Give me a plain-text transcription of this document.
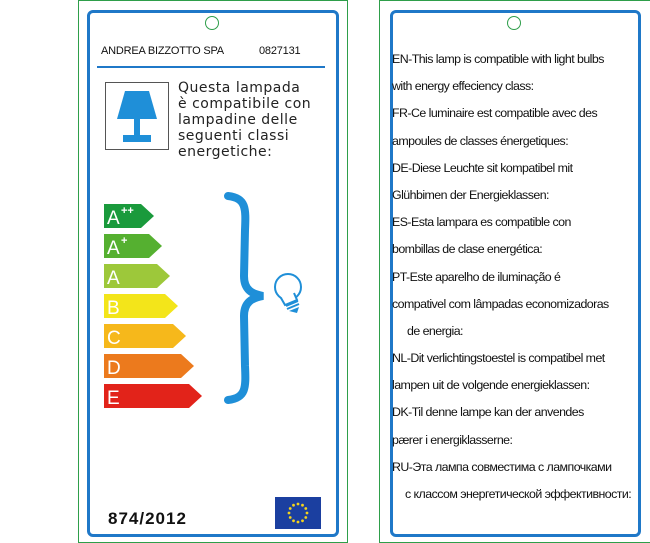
ANDREA BIZZOTTO SPA	0827131
Questa lampada
è compatibile con
lampadine delle
seguenti classi
energetiche:
A ++
A +
A
B
C
D
E
874/2012
EN-This lamp is compatible with light bulbs
with energy effeciency class:
FR-Ce luminaire est compatible avec des
ampoules de classes énergetiques:
DE-Diese Leuchte sit kompatibel mit
Glühbimen der Energieklassen:
ES-Esta lampara es compatible con
bombillas de clase energética:
PT-Este aparelho de iluminação é
compativel com lâmpadas economizadoras
de energia:
NL-Dit verlichtingstoestel is compatibel met
lampen uit de volgende energieklassen:
DK-Til denne lampe kan der anvendes
pærer i energiklasserne:
RU-Эта лампа совместима с лампочками
с классом энергетической эффективности:
